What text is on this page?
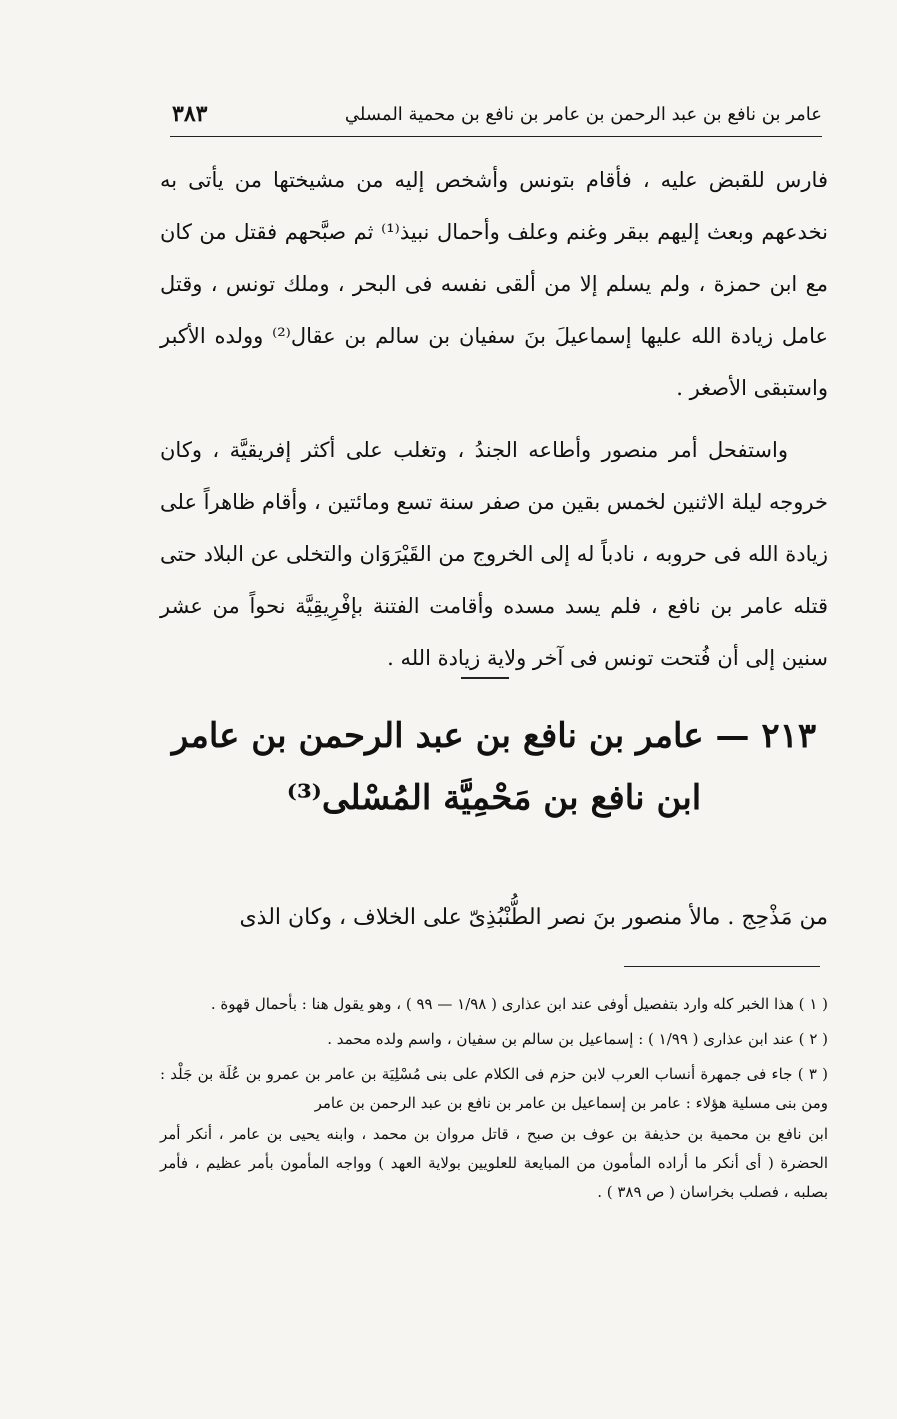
عامر بن نافع بن عبد الرحمن بن عامر بن نافع بن محمية المسلي
٣٨٣

فارس للقبض عليه ، فأقام بتونس وأشخص إليه من مشيختها من يأتى به نخدعهم وبعث إليهم ببقر وغنم وعلف وأحمال نبيذ⁽¹⁾ ثم صبَّحهم فقتل من كان مع ابن حمزة ، ولم يسلم إلا من ألقى نفسه فى البحر ، وملك تونس ، وقتل عامل زيادة الله عليها إسماعيلَ بنَ سفيان بن سالم بن عقال⁽²⁾ وولده الأكبر واستبقى الأصغر .

واستفحل أمر منصور وأطاعه الجندُ ، وتغلب على أكثر إفريقيَّة ، وكان خروجه ليلة الاثنين لخمس بقين من صفر سنة تسع ومائتين ، وأقام ظاهراً على زيادة الله فى حروبه ، نادباً له إلى الخروج من القَيْرَوَان والتخلى عن البلاد حتى قتله عامر بن نافع ، فلم يسد مسده وأقامت الفتنة بإفْرِيقِيَّة نحواً من عشر سنين إلى أن فُتحت تونس فى آخر ولاية زيادة الله .

٢١٣ — عامر بن نافع بن عبد الرحمن بن عامر
ابن نافع بن مَحْمِيَّة المُسْلى⁽³⁾
من مَذْحِج . مالأ منصور بنَ نصر الطُّنْبُذِىّ على الخلاف ، وكان الذى

( ١ ) هذا الخبر كله وارد بتفصيل أوفى عند ابن عذارى ( ١/٩٨ — ٩٩ ) ، وهو يقول هنا : بأحمال قهوة .

( ٢ ) عند ابن عذارى ( ١/٩٩ ) : إسماعيل بن سالم بن سفيان ، واسم ولده محمد .

( ٣ ) جاء فى جمهرة أنساب العرب لابن حزم فى الكلام على بنى مُسْلِيَة بن عامر بن عمرو بن عُلَة بن جَلْد : ومن بنى مسلية هؤلاء : عامر بن إسماعيل بن عامر بن نافع بن عبد الرحمن بن عامر

ابن نافع بن محمية بن حذيفة بن عوف بن صبح ، قاتل مروان بن محمد ، وابنه يحيى بن عامر ، أنكر أمر الحضرة ( أى أنكر ما أراده المأمون من المبايعة للعلويين بولاية العهد ) وواجه المأمون بأمر عظيم ، فأمر بصلبه ، فصلب بخراسان ( ص ٣٨٩ ) .
